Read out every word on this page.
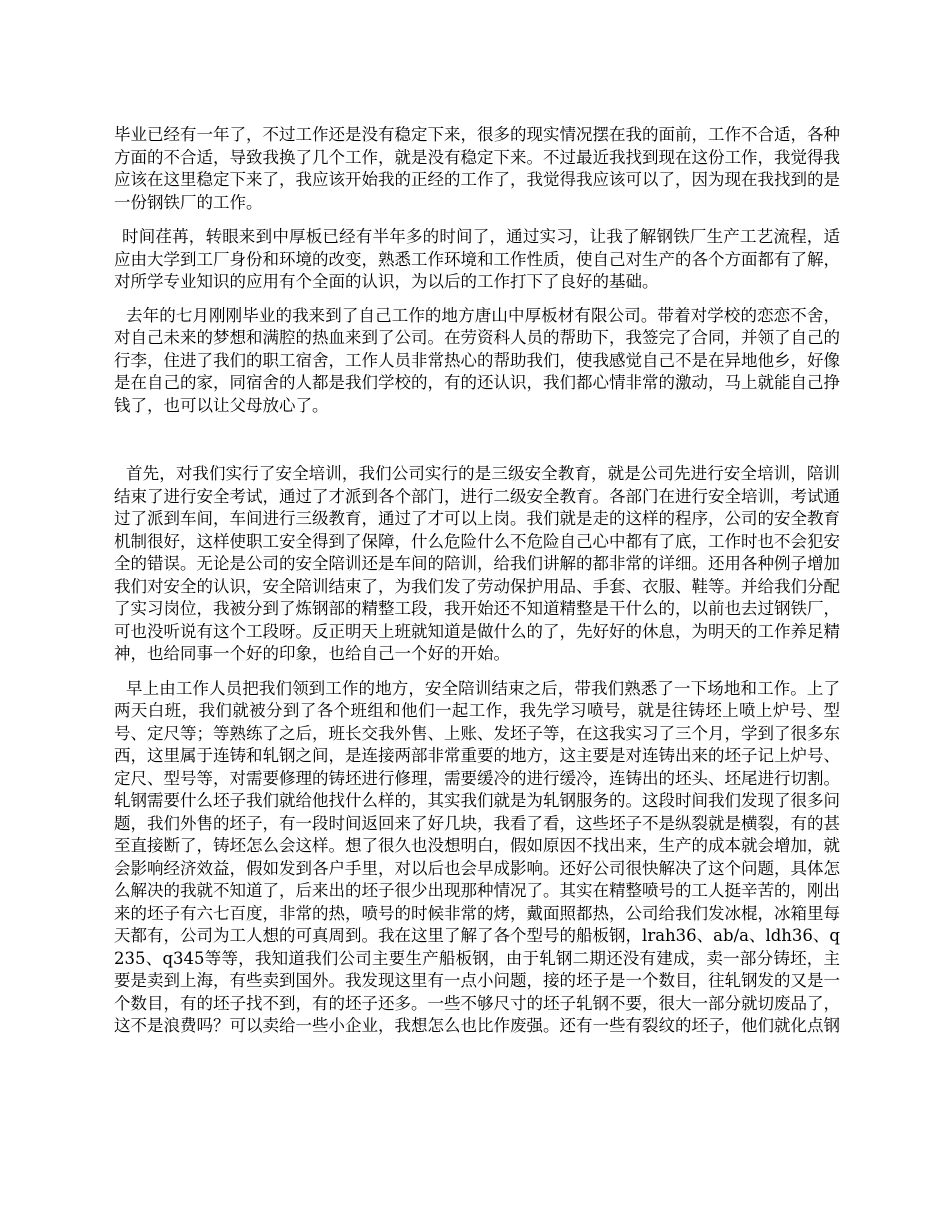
毕业已经有一年了，不过工作还是没有稳定下来，很多的现实情况摆在我的面前，工作不合适，各种方面的不合适，导致我换了几个工作，就是没有稳定下来。不过最近我找到现在这份工作，我觉得我应该在这里稳定下来了，我应该开始我的正经的工作了，我觉得我应该可以了，因为现在我找到的是一份钢铁厂的工作。

时间荏苒，转眼来到中厚板已经有半年多的时间了，通过实习，让我了解钢铁厂生产工艺流程，适应由大学到工厂身份和环境的改变，熟悉工作环境和工作性质，使自己对生产的各个方面都有了解，对所学专业知识的应用有个全面的认识，为以后的工作打下了良好的基础。

去年的七月刚刚毕业的我来到了自己工作的地方唐山中厚板材有限公司。带着对学校的恋恋不舍，对自己未来的梦想和满腔的热血来到了公司。在劳资科人员的帮助下，我签完了合同，并领了自己的行李，住进了我们的职工宿舍，工作人员非常热心的帮助我们，使我感觉自己不是在异地他乡，好像是在自己的家，同宿舍的人都是我们学校的，有的还认识，我们都心情非常的激动，马上就能自己挣钱了，也可以让父母放心了。

首先，对我们实行了安全培训，我们公司实行的是三级安全教育，就是公司先进行安全培训，陪训结束了进行安全考试，通过了才派到各个部门，进行二级安全教育。各部门在进行安全培训，考试通过了派到车间，车间进行三级教育，通过了才可以上岗。我们就是走的这样的程序，公司的安全教育机制很好，这样使职工安全得到了保障，什么危险什么不危险自己心中都有了底，工作时也不会犯安全的错误。无论是公司的安全陪训还是车间的陪训，给我们讲解的都非常的详细。还用各种例子增加我们对安全的认识，安全陪训结束了，为我们发了劳动保护用品、手套、衣服、鞋等。并给我们分配了实习岗位，我被分到了炼钢部的精整工段，我开始还不知道精整是干什么的，以前也去过钢铁厂，可也没听说有这个工段呀。反正明天上班就知道是做什么的了，先好好的休息，为明天的工作养足精神，也给同事一个好的印象，也给自己一个好的开始。

早上由工作人员把我们领到工作的地方，安全陪训结束之后，带我们熟悉了一下场地和工作。上了两天白班，我们就被分到了各个班组和他们一起工作，我先学习喷号，就是往铸坯上喷上炉号、型号、定尺等；等熟练了之后，班长交我外售、上账、发坯子等，在这我实习了三个月，学到了很多东西，这里属于连铸和轧钢之间，是连接两部非常重要的地方，这主要是对连铸出来的坯子记上炉号、定尺、型号等，对需要修理的铸坯进行修理，需要缓冷的进行缓冷，连铸出的坯头、坯尾进行切割。轧钢需要什么坯子我们就给他找什么样的，其实我们就是为轧钢服务的。这段时间我们发现了很多问题，我们外售的坯子，有一段时间返回来了好几块，我看了看，这些坯子不是纵裂就是横裂，有的甚至直接断了，铸坯怎么会这样。想了很久也没想明白，假如原因不找出来，生产的成本就会增加，就会影响经济效益，假如发到各户手里，对以后也会早成影响。还好公司很快解决了这个问题，具体怎么解决的我就不知道了，后来出的坯子很少出现那种情况了。其实在精整喷号的工人挺辛苦的，刚出来的坯子有六七百度，非常的热，喷号的时候非常的烤，戴面照都热，公司给我们发冰棍，冰箱里每天都有，公司为工人想的可真周到。我在这里了解了各个型号的船板钢，lrah36、ab/a、ldh36、q235、q345等等，我知道我们公司主要生产船板钢，由于轧钢二期还没有建成，卖一部分铸坯，主要是卖到上海，有些卖到国外。我发现这里有一点小问题，接的坯子是一个数目，往轧钢发的又是一个数目，有的坯子找不到，有的坯子还多。一些不够尺寸的坯子轧钢不要，很大一部分就切废品了，这不是浪费吗？可以卖给一些小企业，我想怎么也比作废强。还有一些有裂纹的坯子，他们就化点钢
